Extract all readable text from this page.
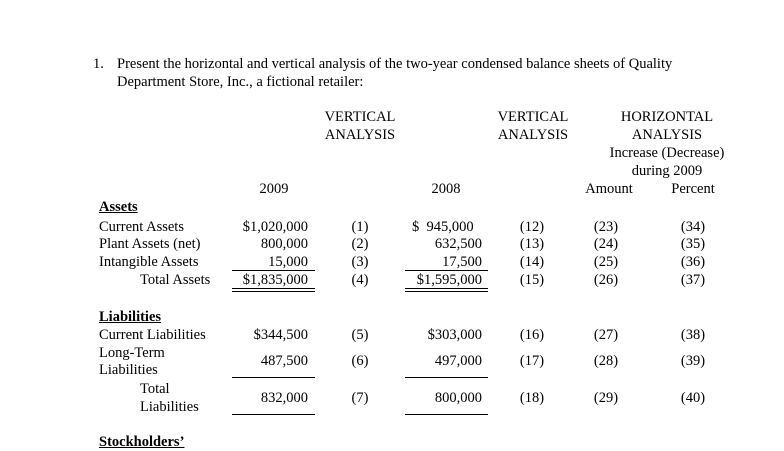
1. Present the horizontal and vertical analysis of the two-year condensed balance sheets of Quality
Department Store, Inc., a fictional retailer:
VERTICAL
ANALYSIS
VERTICAL
ANALYSIS
HORIZONTAL
ANALYSIS
Increase (Decrease)
during 2009
2009	2008	Amount	Percent
Assets
Current Assets	$1,020,000	(1)	$  945,000	(12)	(23)	(34)
Plant Assets (net)	800,000	(2)	632,500	(13)	(24)	(35)
Intangible Assets	15,000	(3)	17,500	(14)	(25)	(36)
Total Assets	$1,835,000	(4)	$1,595,000	(15)	(26)	(37)
Liabilities
Current Liabilities	$344,500	(5)	$303,000	(16)	(27)	(38)
Long-Term
Liabilities
487,500	(6)	497,000	(17)	(28)	(39)
Total
Liabilities
832,000	(7)	800,000	(18)	(29)	(40)
Stockholders’
